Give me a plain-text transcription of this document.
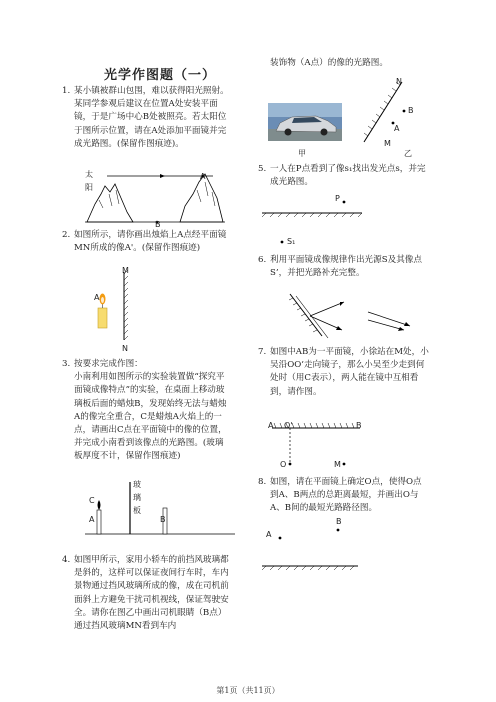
光学作图题（一）
1. 某小镇被群山包围，难以获得阳光照射。某同学参观后建议在位置A处安装平面镜，于是广场中心B处被照亮。若太阳位于图所示位置，请在A处添加平面镜并完成光路图。(保留作图痕迹)。
太阳
A
B
2. 如图所示，请你画出烛焰上A点经平面镜MN所成的像A'。(保留作图痕迹)
M
A
N
3. 按要求完成作图：
小南利用如图所示的实验装置做“探究平面镜成像特点”的实验，在桌面上移动玻璃板后面的蜡烛B，发现始终无法与蜡烛A的像完全重合，C是蜡烛A火焰上的一点，请画出C点在平面镜中的像的位置，并完成小南看到该像点的光路图。(玻璃板厚度不计，保留作图痕迹)
玻璃板
C
A	B
4. 如图甲所示，家用小轿车的前挡风玻璃都是斜的，这样可以保证夜间行车时，车内景物通过挡风玻璃所成的像，成在司机前面斜上方避免干扰司机视线，保证驾驶安全。请你在图乙中画出司机眼睛（B点）通过挡风玻璃MN看到车内
装饰物（A点）的像的光路图。
N
B
A
M
甲	乙
5. 一人在P点看到了像s₁找出发光点s，并完成光路图。
P
S₁
6. 利用平面镜成像规律作出光源S及其像点S’，并把光路补充完整。
7. 如图中AB为一平面镜，小徐站在M处，小吴沿OO’走向镜子，那么小吴至少走到何处时（用C表示），两人能在镜中互相看到，请作图。
A O'	B
O	M
8. 如图，请在平面镜上确定O点，使得O点到A、B两点的总距离最短，并画出O与A、B间的最短光路路径图。
B
A
第1页（共11页）
